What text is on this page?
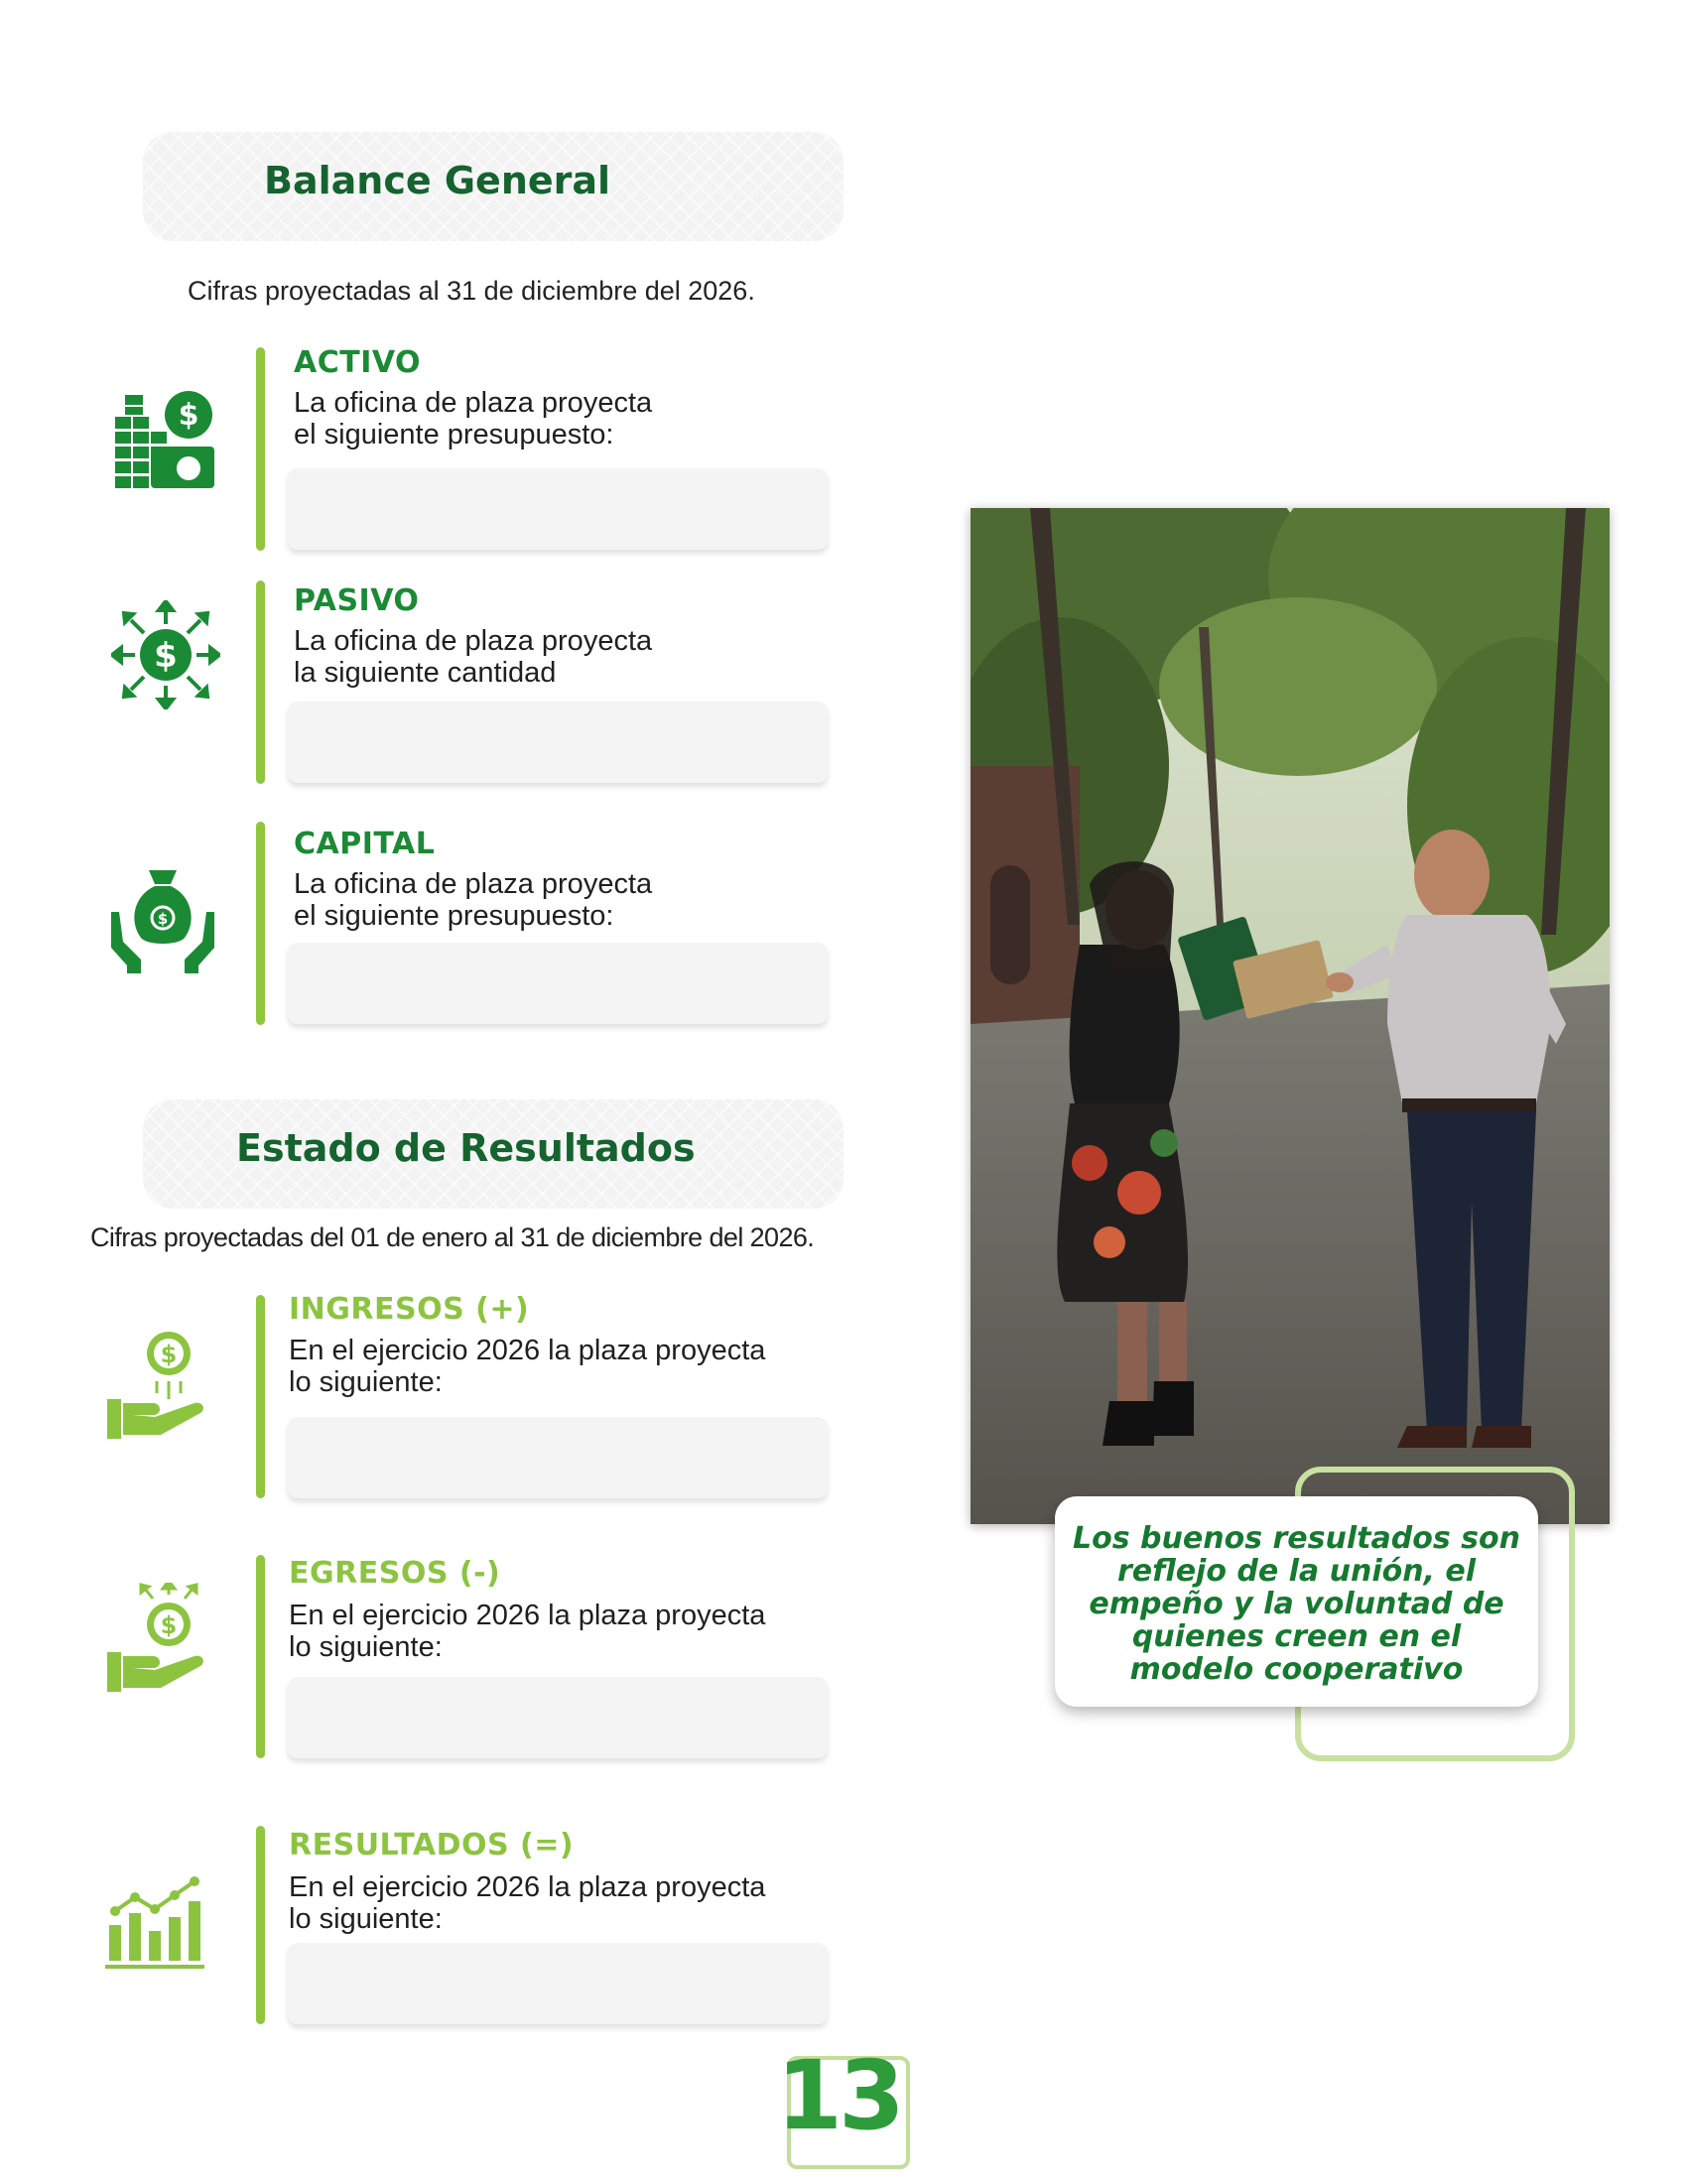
Balance General
Cifras proyectadas al 31 de diciembre del 2026.
$
ACTIVO
La oficina de plaza proyecta
el siguiente presupuesto:
$
PASIVO
La oficina de plaza proyecta
la siguiente cantidad
$
CAPITAL
La oficina de plaza proyecta
el siguiente presupuesto:
Estado de Resultados
Cifras proyectadas del 01 de enero al 31 de diciembre del 2026.
$
INGRESOS (+)
En el ejercicio 2026 la plaza proyecta
lo siguiente:
$
EGRESOS (-)
En el ejercicio 2026 la plaza proyecta
lo siguiente:
RESULTADOS (=)
En el ejercicio 2026 la plaza proyecta
lo siguiente:
Los buenos resultados son reflejo de la unión, el empeño y la voluntad de quienes creen en el modelo cooperativo
13
